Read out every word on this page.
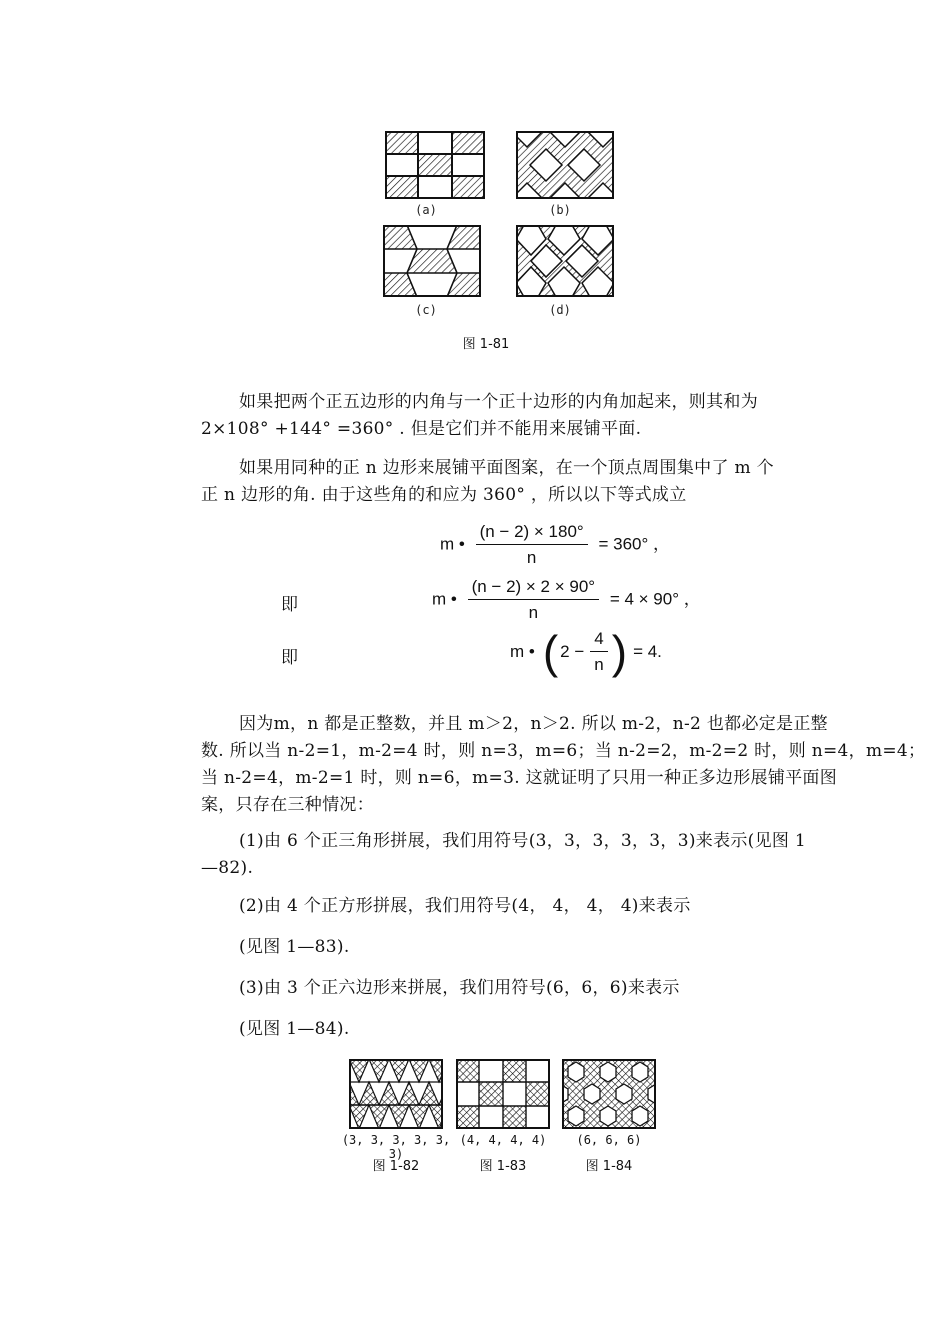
(a)	(b)
(c)	(d)
图 1-81
如果把两个正五边形的内角与一个正十边形的内角加起来，则其和为
2×108° +144° =360° . 但是它们并不能用来展铺平面.
如果用同种的正 n 边形来展铺平面图案，在一个顶点周围集中了 m 个
正 n 边形的角. 由于这些角的和应为 360° ，所以以下等式成立
m • $\frac{(n - 2) \times 180^\circ}{n} = 360^\circ$ ，
即	m • $\frac{(n - 2) \times 2 \times 90^\circ}{n} = 4 \times 90^\circ$ ，
即	m • ( $2 - \frac{4}{n}$ ) = 4.
因为m，n 都是正整数，并且 m＞2，n＞2. 所以 m-2，n-2 也都必定是正整
数. 所以当 n-2=1，m-2=4 时，则 n=3，m=6；当 n-2=2，m-2=2 时，则 n=4，m=4；
当 n-2=4，m-2=1 时，则 n=6，m=3. 这就证明了只用一种正多边形展铺平面图
案，只存在三种情况：
(1)由 6 个正三角形拼展，我们用符号(3，3，3，3，3，3)来表示(见图 1
—82).
(2)由 4 个正方形拼展，我们用符号(4， 4， 4， 4)来表示
(见图 1—83).
(3)由 3 个正六边形来拼展，我们用符号(6，6，6)来表示
(见图 1—84).
(3, 3, 3, 3, 3, 3)
(4, 4, 4, 4)	(6, 6, 6)
图 1-82	图 1-83	图 1-84
